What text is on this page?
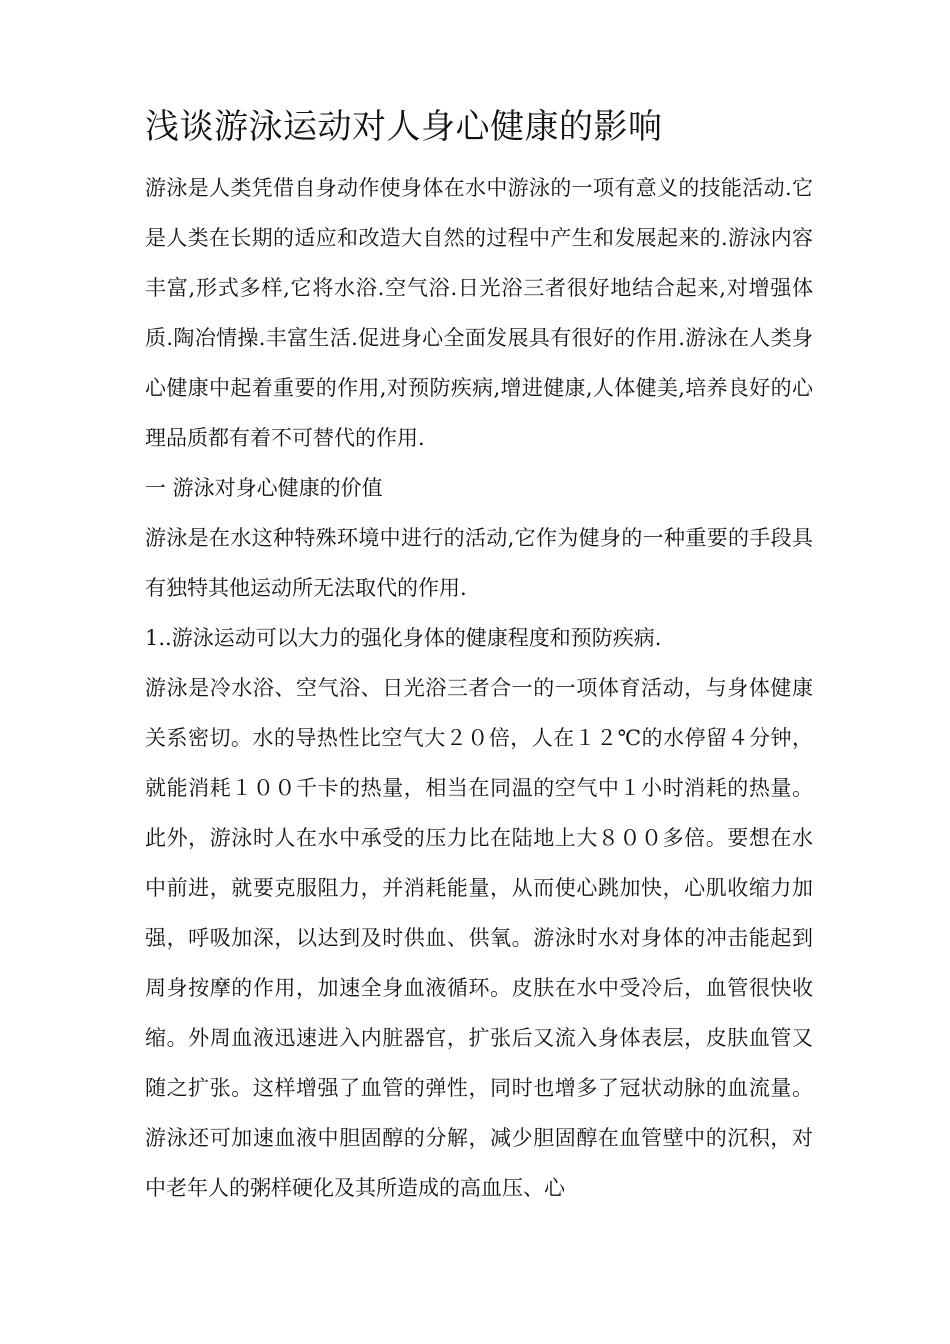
浅谈游泳运动对人身心健康的影响

游泳是人类凭借自身动作使身体在水中游泳的一项有意义的技能活动.它是人类在长期的适应和改造大自然的过程中产生和发展起来的.游泳内容丰富,形式多样,它将水浴.空气浴.日光浴三者很好地结合起来,对增强体质.陶冶情操.丰富生活.促进身心全面发展具有很好的作用.游泳在人类身心健康中起着重要的作用,对预防疾病,增进健康,人体健美,培养良好的心理品质都有着不可替代的作用.

一 游泳对身心健康的价值

游泳是在水这种特殊环境中进行的活动,它作为健身的一种重要的手段具有独特其他运动所无法取代的作用.

1..游泳运动可以大力的强化身体的健康程度和预防疾病.

游泳是冷水浴、空气浴、日光浴三者合一的一项体育活动，与身体健康关系密切。水的导热性比空气大２０倍，人在１２℃的水停留４分钟，就能消耗１００千卡的热量，相当在同温的空气中１小时消耗的热量。此外，游泳时人在水中承受的压力比在陆地上大８００多倍。要想在水中前进，就要克服阻力，并消耗能量，从而使心跳加快，心肌收缩力加强，呼吸加深，以达到及时供血、供氧。游泳时水对身体的冲击能起到周身按摩的作用，加速全身血液循环。皮肤在水中受冷后，血管很快收缩。外周血液迅速进入内脏器官，扩张后又流入身体表层，皮肤血管又随之扩张。这样增强了血管的弹性，同时也增多了冠状动脉的血流量。游泳还可加速血液中胆固醇的分解，减少胆固醇在血管壁中的沉积，对中老年人的粥样硬化及其所造成的高血压、心
